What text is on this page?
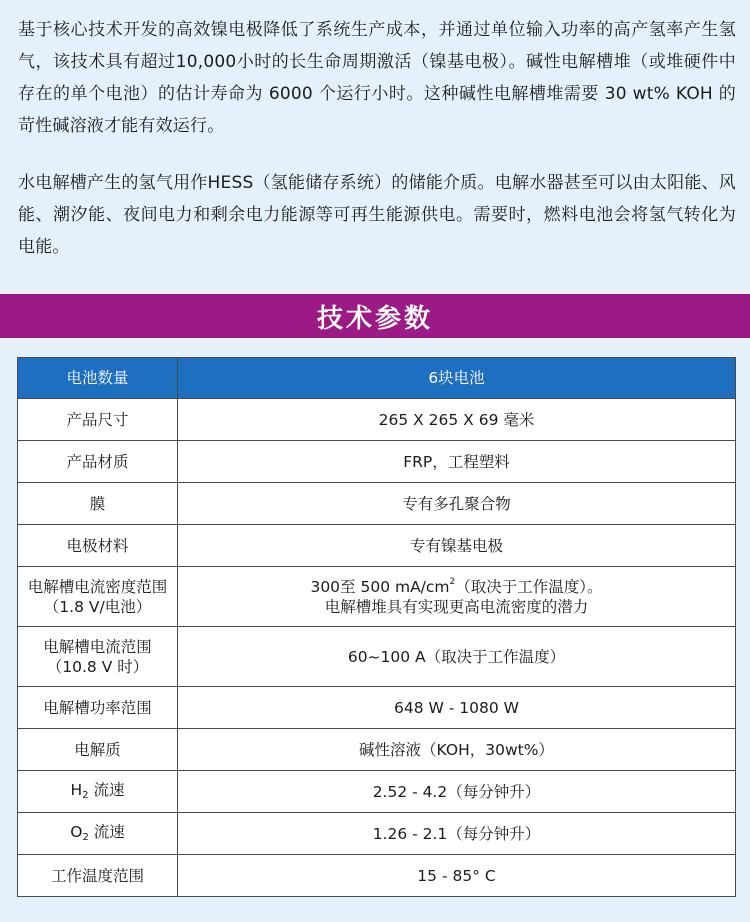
基于核心技术开发的高效镍电极降低了系统生产成本，并通过单位输入功率的高产氢率产生氢气，该技术具有超过10,000小时的长生命周期激活（镍基电极）。碱性电解槽堆（或堆硬件中存在的单个电池）的估计寿命为 6000 个运行小时。这种碱性电解槽堆需要 30 wt% KOH 的苛性碱溶液才能有效运行。

水电解槽产生的氢气用作HESS（氢能储存系统）的储能介质。电解水器甚至可以由太阳能、风能、潮汐能、夜间电力和剩余电力能源等可再生能源供电。需要时，燃料电池会将氢气转化为电能。

技术参数
电池数量	6块电池
产品尺寸	265 X 265 X 69 毫米
产品材质	FRP，工程塑料
膜	专有多孔聚合物
电极材料	专有镍基电极

电解槽电流密度范围
（1.8 V/电池）	300至 500 $mA/cm^2$（取决于工作温度）。
电解槽堆具有实现更高电流密度的潜力

电解槽电流范围
（10.8 V 时）	60~100 A（取决于工作温度）
电解槽功率范围	648 W - 1080 W
电解质	碱性溶液（KOH，30wt%）
H2 流速	2.52 - 4.2（每分钟升）
O2 流速	1.26 - 2.1（每分钟升）
工作温度范围	15 - 85° C
